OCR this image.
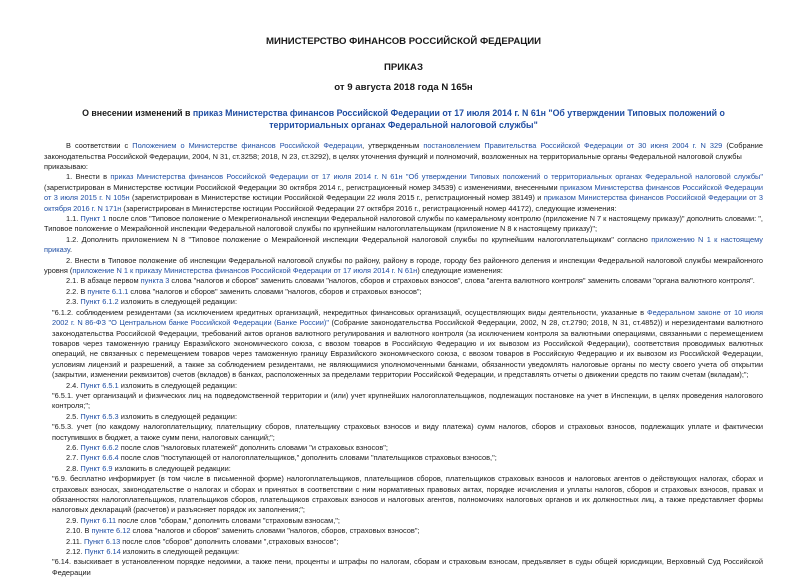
МИНИСТЕРСТВО ФИНАНСОВ РОССИЙСКОЙ ФЕДЕРАЦИИ
ПРИКАЗ
от 9 августа 2018 года N 165н
О внесении изменений в приказ Министерства финансов Российской Федерации от 17 июля 2014 г. N 61н "Об утверждении Типовых положений о территориальных органах Федеральной налоговой службы"

В соответствии с Положением о Министерстве финансов Российской Федерации, утвержденным постановлением Правительства Российской Федерации от 30 июня 2004 г. N 329 (Собрание законодательства Российской Федерации, 2004, N 31, ст.3258; 2018, N 23, ст.3292), в целях уточнения функций и полномочий, возложенных на территориальные органы Федеральной налоговой службы

приказываю:

1. Внести в приказ Министерства финансов Российской Федерации от 17 июля 2014 г. N 61н "Об утверждении Типовых положений о территориальных органах Федеральной налоговой службы" (зарегистрирован в Министерстве юстиции Российской Федерации 30 октября 2014 г., регистрационный номер 34539) с изменениями, внесенными приказом Министерства финансов Российской Федерации от 3 июля 2015 г. N 105н (зарегистрирован в Министерстве юстиции Российской Федерации 22 июля 2015 г., регистрационный номер 38149) и приказом Министерства финансов Российской Федерации от 3 октября 2016 г. N 171н (зарегистрирован в Министерстве юстиции Российской Федерации 27 октября 2016 г., регистрационный номер 44172), следующие изменения:

1.1. Пункт 1 после слов "Типовое положение о Межрегиональной инспекции Федеральной налоговой службы по камеральному контролю (приложение N 7 к настоящему приказу)" дополнить словами: ", Типовое положение о Межрайонной инспекции Федеральной налоговой службы по крупнейшим налогоплательщикам (приложение N 8 к настоящему приказу)";

1.2. Дополнить приложением N 8 "Типовое положение о Межрайонной инспекции Федеральной налоговой службы по крупнейшим налогоплательщикам" согласно приложению N 1 к настоящему приказу.

2. Внести в Типовое положение об инспекции Федеральной налоговой службы по району, району в городе, городу без районного деления и инспекции Федеральной налоговой службы межрайонного уровня (приложение N 1 к приказу Министерства финансов Российской Федерации от 17 июля 2014 г. N 61н) следующие изменения:

2.1. В абзаце первом пункта 3 слова "налогов и сборов" заменить словами "налогов, сборов и страховых взносов", слова "агента валютного контроля" заменить словами "органа валютного контроля".

2.2. В пункте 6.1.1 слова "налогов и сборов" заменить словами "налогов, сборов и страховых взносов";

2.3. Пункт 6.1.2 изложить в следующей редакции:

"6.1.2. соблюдением резидентами (за исключением кредитных организаций, некредитных финансовых организаций, осуществляющих виды деятельности, указанные в Федеральном законе от 10 июля 2002 г. N 86-ФЗ "О Центральном банке Российской Федерации (Банке России)" (Собрание законодательства Российской Федерации, 2002, N 28, ст.2790; 2018, N 31, ст.4852)) и нерезидентами валютного законодательства Российской Федерации, требований актов органов валютного регулирования и валютного контроля (за исключением контроля за валютными операциями, связанными с перемещением товаров через таможенную границу Евразийского экономического союза, с ввозом товаров в Российскую Федерацию и их вывозом из Российской Федерации), соответствия проводимых валютных операций, не связанных с перемещением товаров через таможенную границу Евразийского экономического союза, с ввозом товаров в Российскую Федерацию и их вывозом из Российской Федерации, условиям лицензий и разрешений, а также за соблюдением резидентами, не являющимися уполномоченными банками, обязанности уведомлять налоговые органы по месту своего учета об открытии (закрытии, изменении реквизитов) счетов (вкладов) в банках, расположенных за пределами территории Российской Федерации, и представлять отчеты о движении средств по таким счетам (вкладам);";

2.4. Пункт 6.5.1 изложить в следующей редакции:

"6.5.1. учет организаций и физических лиц на подведомственной территории и (или) учет крупнейших налогоплательщиков, подлежащих постановке на учет в Инспекции, в целях проведения налогового контроля;";

2.5. Пункт 6.5.3 изложить в следующей редакции:

"6.5.3. учет (по каждому налогоплательщику, плательщику сборов, плательщику страховых взносов и виду платежа) сумм налогов, сборов и страховых взносов, подлежащих уплате и фактически поступивших в бюджет, а также сумм пени, налоговых санкций;";

2.6. Пункт 6.6.2 после слов "налоговых платежей" дополнить словами "и страховых взносов";

2.7. Пункт 6.6.4 после слов "поступающей от налогоплательщиков," дополнить словами "плательщиков страховых взносов,";

2.8. Пункт 6.9 изложить в следующей редакции:

"6.9. бесплатно информирует (в том числе в письменной форме) налогоплательщиков, плательщиков сборов, плательщиков страховых взносов и налоговых агентов о действующих налогах, сборах и страховых взносах, законодательстве о налогах и сборах и принятых в соответствии с ним нормативных правовых актах, порядке исчисления и уплаты налогов, сборов и страховых взносов, правах и обязанностях налогоплательщиков, плательщиков сборов, плательщиков страховых взносов и налоговых агентов, полномочиях налоговых органов и их должностных лиц, а также представляет формы налоговых деклараций (расчетов) и разъясняет порядок их заполнения;";

2.9. Пункт 6.11 после слов "сборам," дополнить словами "страховым взносам,";

2.10. В пункте 6.12 слова "налогов и сборов" заменить словами "налогов, сборов, страховых взносов";

2.11. Пункт 6.13 после слов "сборов" дополнить словами ",страховых взносов";

2.12. Пункт 6.14 изложить в следующей редакции:

"6.14. взыскивает в установленном порядке недоимки, а также пени, проценты и штрафы по налогам, сборам и страховым взносам, предъявляет в суды общей юрисдикции, Верховный Суд Российской Федерации
